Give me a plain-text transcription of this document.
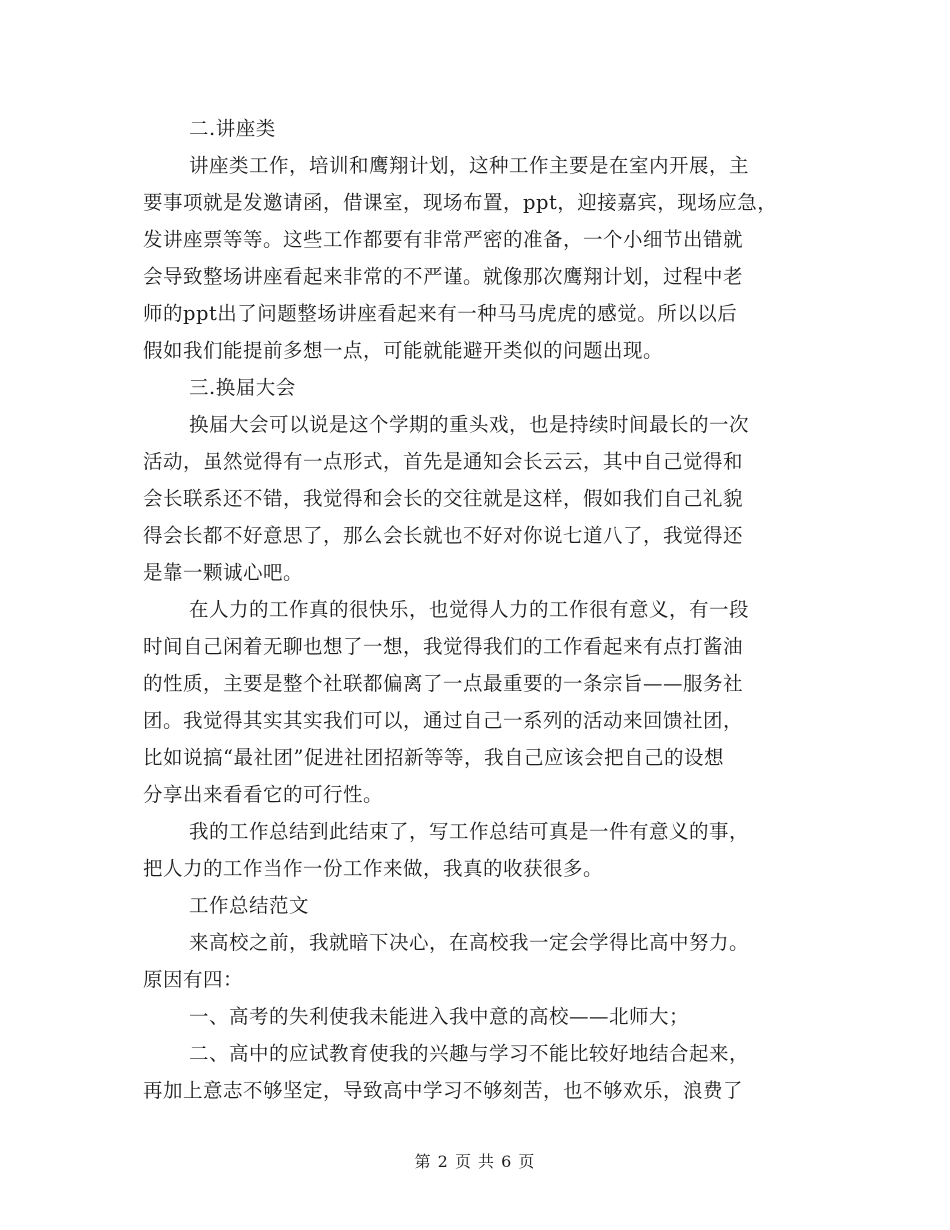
二.讲座类
讲座类工作，培训和鹰翔计划，这种工作主要是在室内开展，主
要事项就是发邀请函，借课室，现场布置，ppt，迎接嘉宾，现场应急，
发讲座票等等。这些工作都要有非常严密的准备，一个小细节出错就
会导致整场讲座看起来非常的不严谨。就像那次鹰翔计划，过程中老
师的ppt出了问题整场讲座看起来有一种马马虎虎的感觉。所以以后
假如我们能提前多想一点，可能就能避开类似的问题出现。
三.换届大会
换届大会可以说是这个学期的重头戏，也是持续时间最长的一次
活动，虽然觉得有一点形式，首先是通知会长云云，其中自己觉得和
会长联系还不错，我觉得和会长的交往就是这样，假如我们自己礼貌
得会长都不好意思了，那么会长就也不好对你说七道八了，我觉得还
是靠一颗诚心吧。
在人力的工作真的很快乐，也觉得人力的工作很有意义，有一段
时间自己闲着无聊也想了一想，我觉得我们的工作看起来有点打酱油
的性质，主要是整个社联都偏离了一点最重要的一条宗旨——服务社
团。我觉得其实其实我们可以，通过自己一系列的活动来回馈社团，
比如说搞“最社团”促进社团招新等等，我自己应该会把自己的设想
分享出来看看它的可行性。
我的工作总结到此结束了，写工作总结可真是一件有意义的事，
把人力的工作当作一份工作来做，我真的收获很多。
工作总结范文
来高校之前，我就暗下决心，在高校我一定会学得比高中努力。
原因有四：
一、高考的失利使我未能进入我中意的高校——北师大；
二、高中的应试教育使我的兴趣与学习不能比较好地结合起来，
再加上意志不够坚定，导致高中学习不够刻苦，也不够欢乐，浪费了
第 2 页 共 6 页
